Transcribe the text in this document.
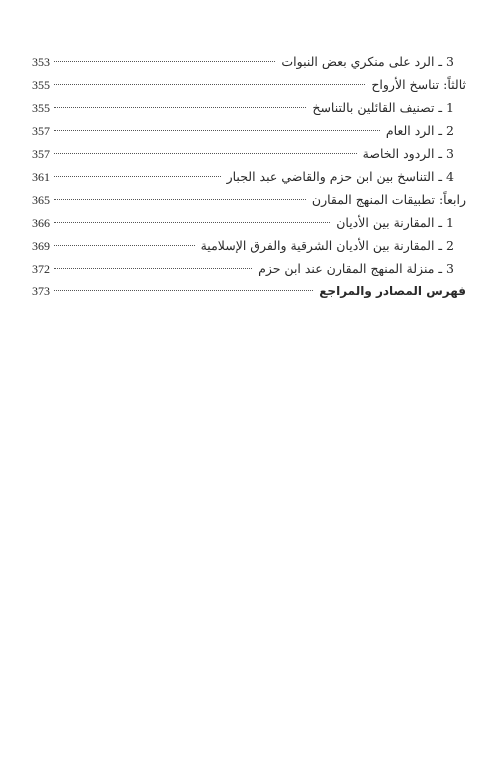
3 ـ الرد على منكري بعض النبوات
353
ثالثاً: تناسخ الأرواح
355
1 ـ تصنيف القائلين بالتناسخ
355
2 ـ الرد العام
357
3 ـ الردود الخاصة
357
4 ـ التناسخ بين ابن حزم والقاضي عبد الجبار
361
رابعاً: تطبيقات المنهج المقارن
365
1 ـ المقارنة بين الأديان
366
2 ـ المقارنة بين الأديان الشرقية والفرق الإسلامية
369
3 ـ منزلة المنهج المقارن عند ابن حزم
372
فهرس المصادر والمراجع
373
